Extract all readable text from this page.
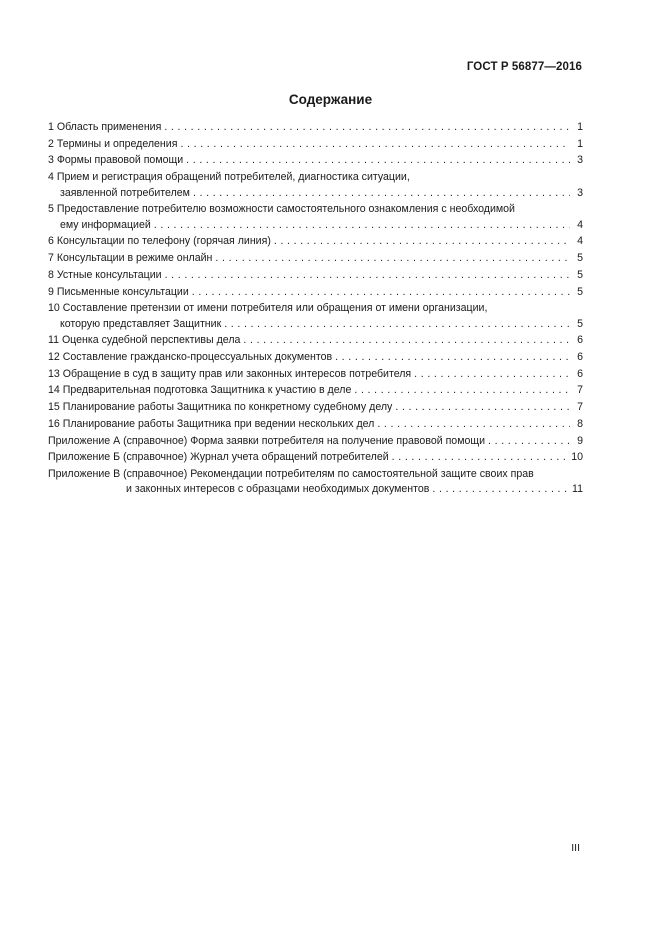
ГОСТ Р 56877—2016
Содержание
1 Область применения . . .	1
2 Термины и определения . . .	1
3 Формы правовой помощи . . .	3
4 Прием и регистрация обращений потребителей, диагностика ситуации,
заявленной потребителем . . .	3
5 Предоставление потребителю возможности самостоятельного ознакомления с необходимой
ему информацией . . .	4
6 Консультации по телефону (горячая линия) . . .	4
7 Консультации в режиме онлайн . . .	5
8 Устные консультации . . .	5
9 Письменные консультации . . .	5
10 Составление претензии от имени потребителя или обращения от имени организации,
которую представляет Защитник . . .	5
11 Оценка судебной перспективы дела . . .	6
12 Составление гражданско-процессуальных документов . . .	6
13 Обращение в суд в защиту прав или законных интересов потребителя . . .	6
14 Предварительная подготовка Защитника к участию в деле . . .	7
15 Планирование работы Защитника по конкретному судебному делу . . .	7
16 Планирование работы Защитника при ведении нескольких дел . . .	8
Приложение А (справочное) Форма заявки потребителя на получение правовой помощи . . .	9
Приложение Б (справочное) Журнал учета обращений потребителей . . .	10
Приложение В (справочное) Рекомендации потребителям по самостоятельной защите своих прав
и законных интересов с образцами необходимых документов . . .	11
III
